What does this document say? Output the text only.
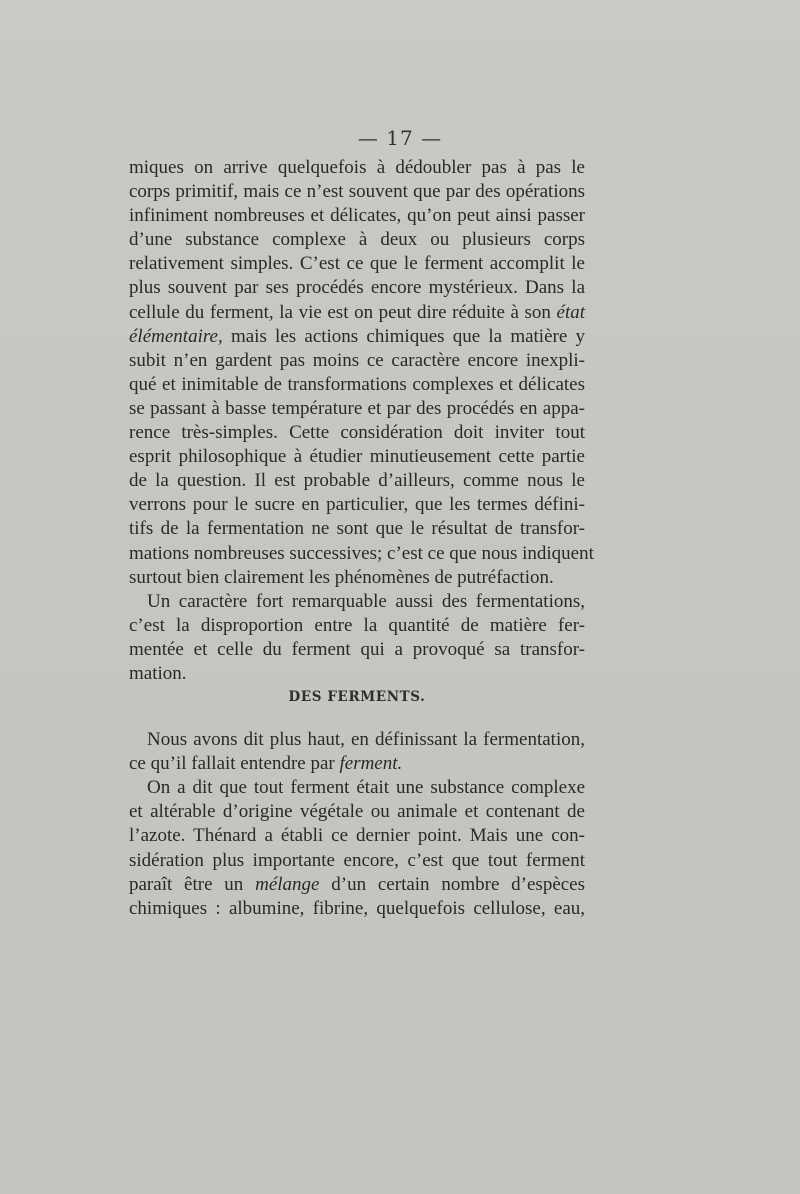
— 17 —
miques on arrive quelquefois à dédoubler pas à pas le
corps primitif, mais ce n’est souvent que par des opérations
infiniment nombreuses et délicates, qu’on peut ainsi passer
d’une substance complexe à deux ou plusieurs corps
relativement simples. C’est ce que le ferment accomplit le
plus souvent par ses procédés encore mystérieux. Dans la
cellule du ferment, la vie est on peut dire réduite à son état
élémentaire, mais les actions chimiques que la matière y
subit n’en gardent pas moins ce caractère encore inexpli-
qué et inimitable de transformations complexes et délicates
se passant à basse température et par des procédés en appa-
rence très-simples. Cette considération doit inviter tout
esprit philosophique à étudier minutieusement cette partie
de la question. Il est probable d’ailleurs, comme nous le
verrons pour le sucre en particulier, que les termes défini-
tifs de la fermentation ne sont que le résultat de transfor-
mations nombreuses successives; c’est ce que nous indiquent
surtout bien clairement les phénomènes de putréfaction.
Un caractère fort remarquable aussi des fermentations,
c’est la disproportion entre la quantité de matière fer-
mentée et celle du ferment qui a provoqué sa transfor-
mation.
DES FERMENTS.
Nous avons dit plus haut, en définissant la fermentation,
ce qu’il fallait entendre par ferment.
On a dit que tout ferment était une substance complexe
et altérable d’origine végétale ou animale et contenant de
l’azote. Thénard a établi ce dernier point. Mais une con-
sidération plus importante encore, c’est que tout ferment
paraît être un mélange d’un certain nombre d’espèces
chimiques : albumine, fibrine, quelquefois cellulose, eau,
